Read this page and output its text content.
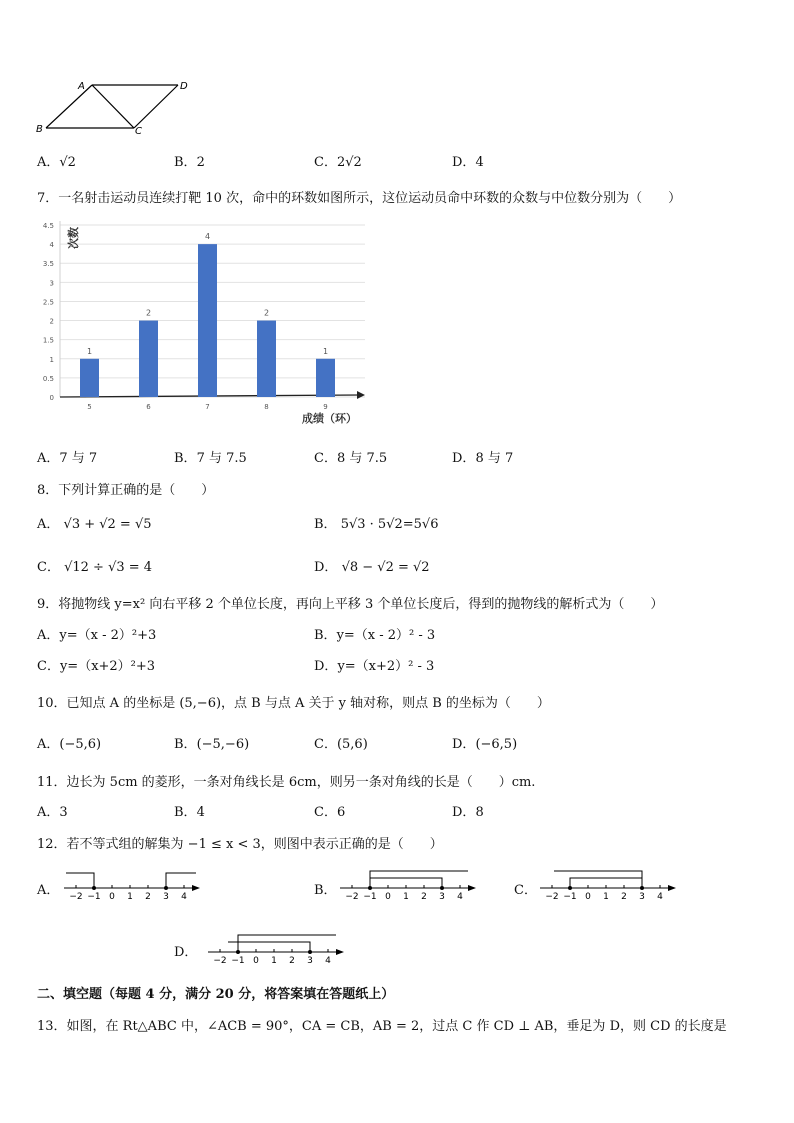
A	D
B	C
A．√2	B．2	C．2√2	D．4
7．一名射击运动员连续打靶 10 次，命中的环数如图所示，这位运动员命中环数的众数与中位数分别为（　　）
0
0.5
1
1.5
2
2.5
3
3.5
4
4.5
次数
成绩（环）
1
5
2
6
4
7
2
8
1
9
A．7 与 7	B．7 与 7.5	C．8 与 7.5	D．8 与 7
8．下列计算正确的是（　　）
A． √3 + √2 = √5	B． 5√3 · 5√2=5√6
C． √12 ÷ √3 = 4	D． √8 − √2 = √2
9．将抛物线 y=x² 向右平移 2 个单位长度，再向上平移 3 个单位长度后，得到的抛物线的解析式为（　　）
A．y=（x - 2）²+3	B．y=（x - 2）² - 3
C．y=（x+2）²+3	D．y=（x+2）² - 3
10．已知点 A 的坐标是 (5,−6)，点 B 与点 A 关于 y 轴对称，则点 B 的坐标为（　　）
A．(−5,6)	B．(−5,−6)	C．(5,6)	D．(−6,5)
11．边长为 5cm 的菱形，一条对角线长是 6cm，则另一条对角线的长是（　　）cm.
A．3	B．4	C．6	D．8
12．若不等式组的解集为 −1 ≤ x < 3，则图中表示正确的是（　　）
A． −2 −1 0 1 2 3 4	B． −2 −1 0 1 2 3 4	C． −2 −1 0 1 2 3 4
D．
−2 −1 0 1 2 3 4
二、填空题（每题 4 分，满分 20 分，将答案填在答题纸上）
13．如图，在 Rt△ABC 中，∠ACB = 90°，CA = CB，AB = 2，过点 C 作 CD ⊥ AB，垂足为 D，则 CD 的长度是
